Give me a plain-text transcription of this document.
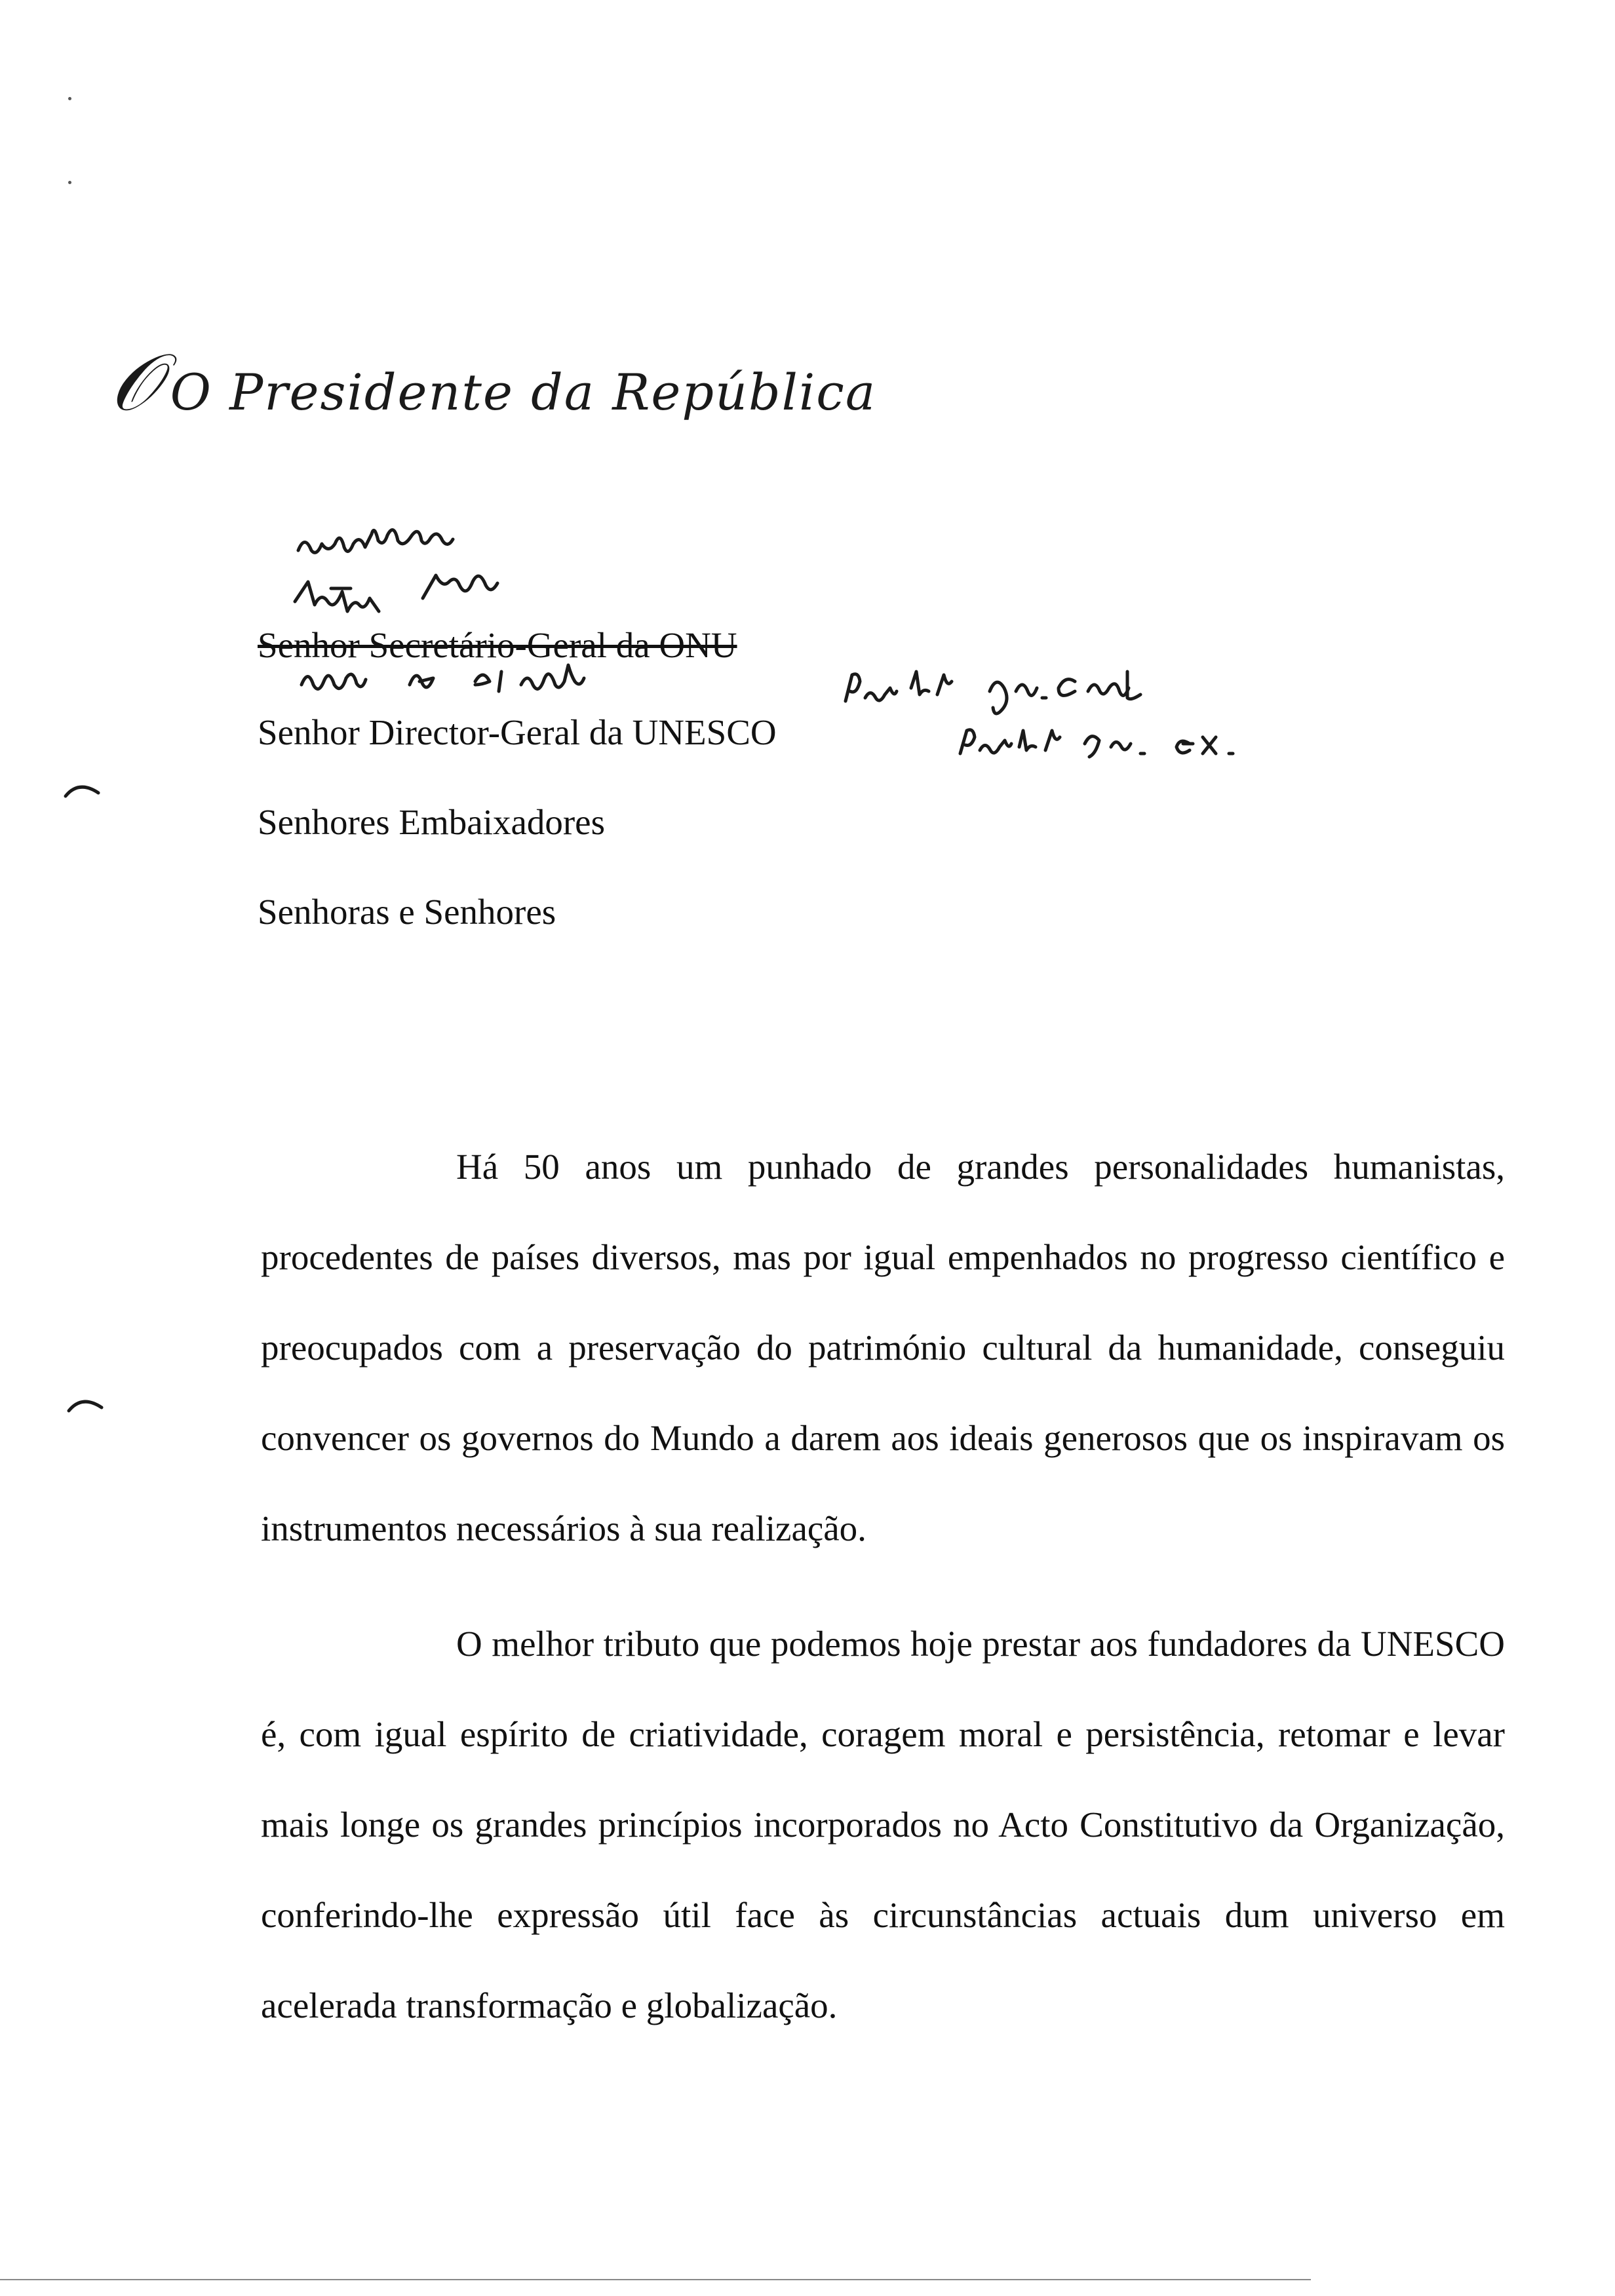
𝒪 O Presidente da República
Senhor Secretário-Geral da ONU
Senhor Director-Geral da UNESCO
Senhores Embaixadores
Senhoras e Senhores

Há 50 anos um punhado de grandes personalidades humanistas, procedentes de países diversos, mas por igual empenhados no progresso científico e preocupados com a preservação do património cultural da humanidade, conseguiu convencer os governos do Mundo a darem aos ideais generosos que os inspiravam os instrumentos necessários à sua realização.

O melhor tributo que podemos hoje prestar aos fundadores da UNESCO é, com igual espírito de criatividade, coragem moral e persistência, retomar e levar mais longe os grandes princípios incorporados no Acto Constitutivo da Organização, conferindo-lhe expressão útil face às circunstâncias actuais dum universo em acelerada transformação e globalização.
